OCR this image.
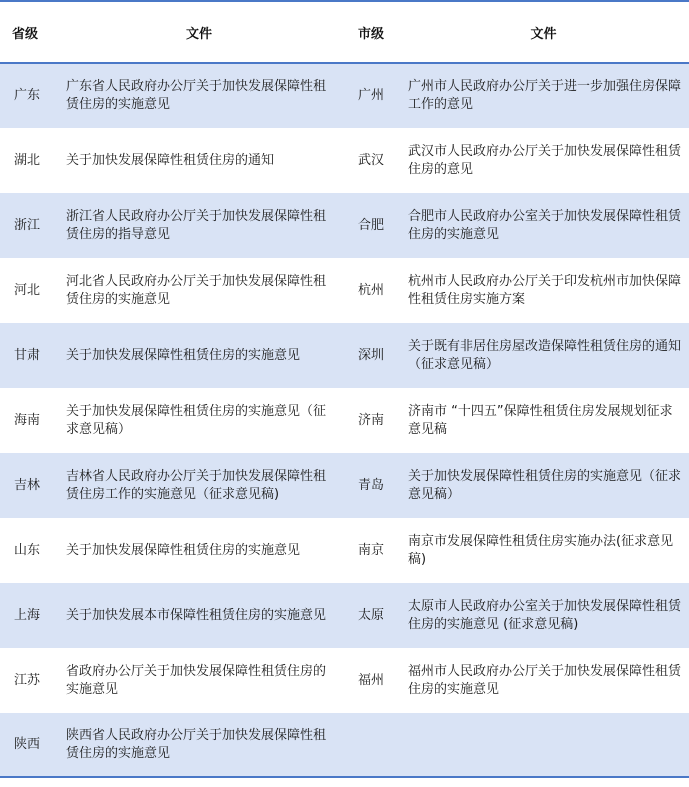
省级	文件	市级	文件
广东	广东省人民政府办公厅关于加快发展保障性租赁住房的实施意见	广州	广州市人民政府办公厅关于进一步加强住房保障工作的意见
湖北	关于加快发展保障性租赁住房的通知	武汉	武汉市人民政府办公厅关于加快发展保障性租赁住房的意见
浙江	浙江省人民政府办公厅关于加快发展保障性租赁住房的指导意见	合肥	合肥市人民政府办公室关于加快发展保障性租赁住房的实施意见
河北	河北省人民政府办公厅关于加快发展保障性租赁住房的实施意见	杭州	杭州市人民政府办公厅关于印发杭州市加快保障性租赁住房实施方案
甘肃	关于加快发展保障性租赁住房的实施意见	深圳	关于既有非居住房屋改造保障性租赁住房的通知（征求意见稿）
海南	关于加快发展保障性租赁住房的实施意见（征求意见稿）	济南	济南市 “十四五”保障性租赁住房发展规划征求意见稿
吉林	吉林省人民政府办公厅关于加快发展保障性租赁住房工作的实施意见（征求意见稿)	青岛	关于加快发展保障性租赁住房的实施意见（征求意见稿）
山东	关于加快发展保障性租赁住房的实施意见	南京	南京市发展保障性租赁住房实施办法(征求意见稿)
上海	关于加快发展本市保障性租赁住房的实施意见	太原	太原市人民政府办公室关于加快发展保障性租赁住房的实施意见 (征求意见稿)
江苏	省政府办公厅关于加快发展保障性租赁住房的实施意见	福州	福州市人民政府办公厅关于加快发展保障性租赁住房的实施意见
陕西	陕西省人民政府办公厅关于加快发展保障性租赁住房的实施意见		
